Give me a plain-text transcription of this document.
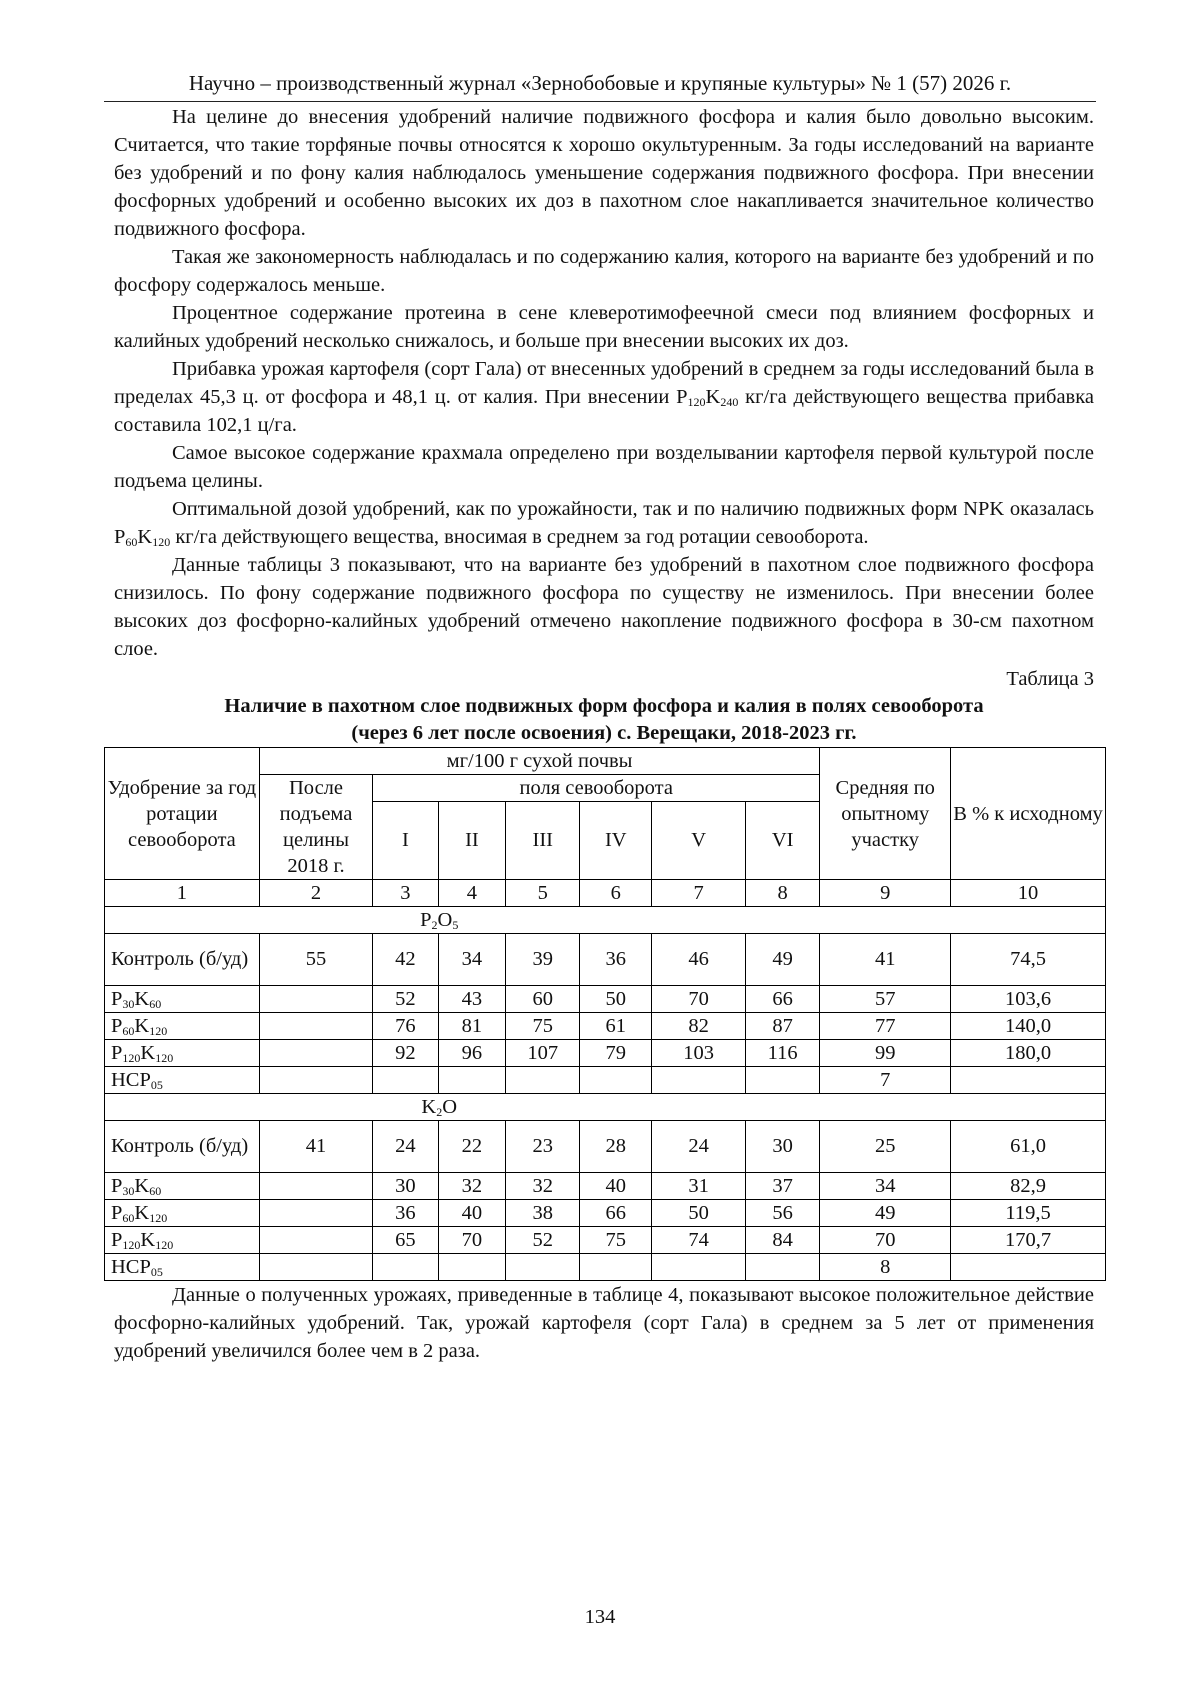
Научно – производственный журнал «Зернобобовые и крупяные культуры» № 1 (57) 2026 г.

На целине до внесения удобрений наличие подвижного фосфора и калия было довольно высоким. Считается, что такие торфяные почвы относятся к хорошо окультуренным. За годы исследований на варианте без удобрений и по фону калия наблюдалось уменьшение содержания подвижного фосфора. При внесении фосфорных удобрений и особенно высоких их доз в пахотном слое накапливается значительное количество подвижного фосфора.

Такая же закономерность наблюдалась и по содержанию калия, которого на варианте без удобрений и по фосфору содержалось меньше.

Процентное содержание протеина в сене клеверотимофеечной смеси под влиянием фосфорных и калийных удобрений несколько снижалось, и больше при внесении высоких их доз.

Прибавка урожая картофеля (сорт Гала) от внесенных удобрений в среднем за годы исследований была в пределах 45,3 ц. от фосфора и 48,1 ц. от калия. При внесении $P_{120}K_{240}$ кг/га действующего вещества прибавка составила 102,1 ц/га.

Самое высокое содержание крахмала определено при возделывании картофеля первой культурой после подъема целины.

Оптимальной дозой удобрений, как по урожайности, так и по наличию подвижных форм NPK оказалась $P_{60}K_{120}$ кг/га действующего вещества, вносимая в среднем за год ротации севооборота.

Данные таблицы 3 показывают, что на варианте без удобрений в пахотном слое подвижного фосфора снизилось. По фону содержание подвижного фосфора по существу не изменилось. При внесении более высоких доз фосфорно-калийных удобрений отмечено накопление подвижного фосфора в 30-см пахотном слое.

Таблица 3
Наличие в пахотном слое подвижных форм фосфора и калия в полях севооборота
(через 6 лет после освоения) с. Верещаки, 2018-2023 гг.
Удобрение за год ротации севооборота	мг/100 г сухой почвы							Средняя по опытному участку	В % к исходному
	После подъема целины 2018 г.	поля севооборота							
		I	II	III	IV	V	VI		
1	2	3	4	5	6	7	8	9	10
		$P_2O_5$	
Контроль (б/уд)	55	42	34	39	36	46	49	41	74,5
$P_{30}K_{60}$		52	43	60	50	70	66	57	103,6
$P_{60}K_{120}$		76	81	75	61	82	87	77	140,0
$P_{120}K_{120}$		92	96	107	79	103	116	99	180,0
$НСР_{05}$								7	
		$K_2O$							
Контроль (б/уд)	41	24	22	23	28	24	30	25	61,0
$P_{30}K_{60}$		30	32	32	40	31	37	34	82,9
$P_{60}K_{120}$		36	40	38	66	50	56	49	119,5
$P_{120}K_{120}$		65	70	52	75	74	84	70	170,7
$НСР_{05}$								8	

Данные о полученных урожаях, приведенные в таблице 4, показывают высокое положительное действие фосфорно-калийных удобрений. Так, урожай картофеля (сорт Гала) в среднем за 5 лет от применения удобрений увеличился более чем в 2 раза.

134
